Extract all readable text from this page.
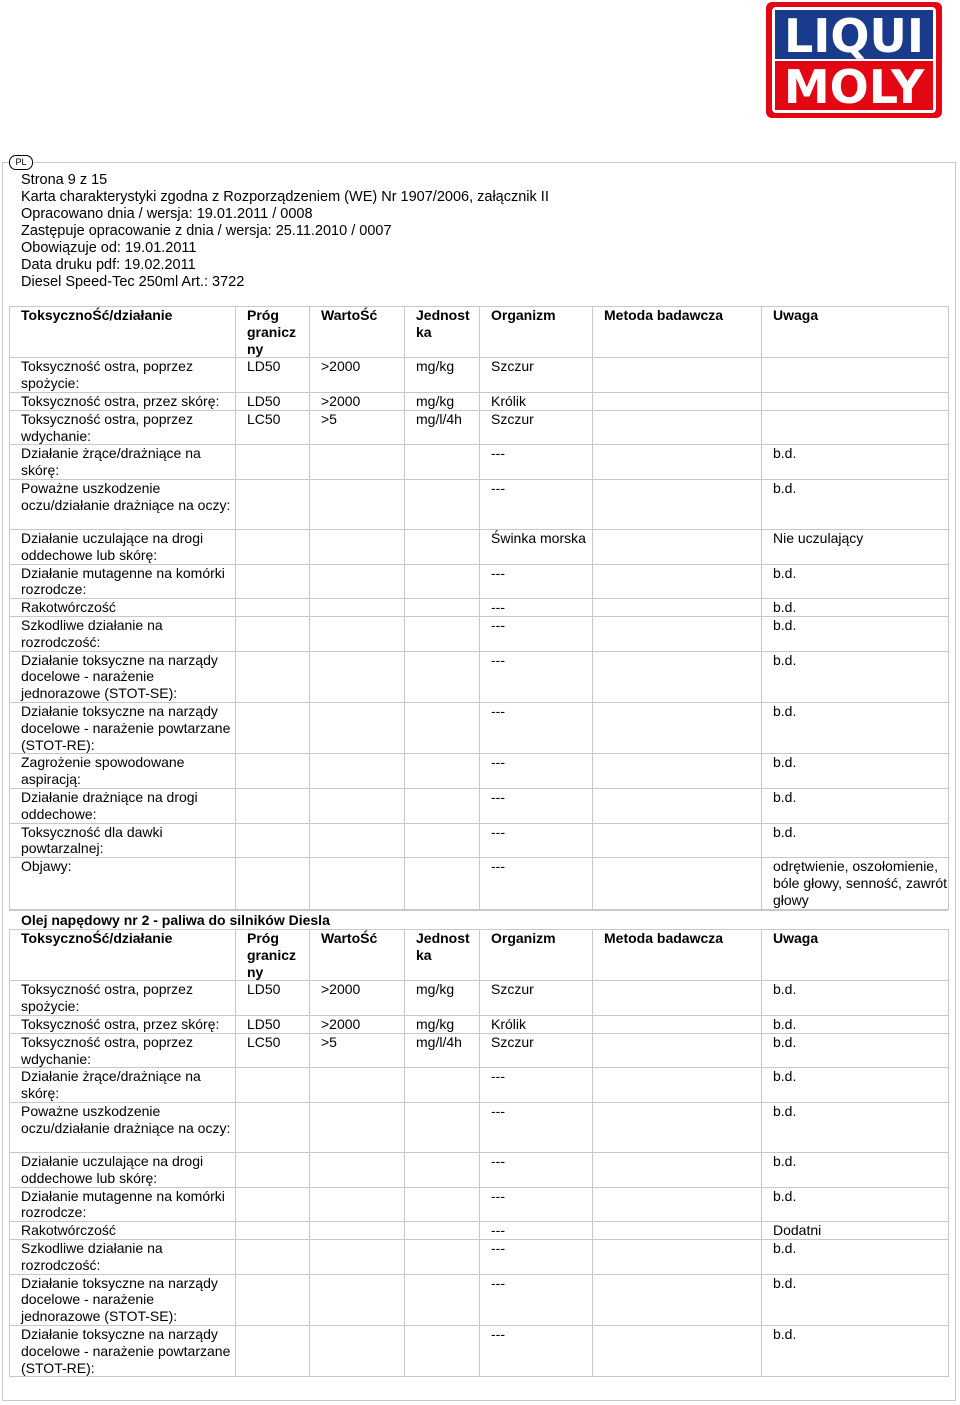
LIQUI
MOLY
PL
Strona 9 z 15
Karta charakterystyki zgodna z Rozporządzeniem (WE) Nr 1907/2006, załącznik II
Opracowano dnia / wersja: 19.01.2011 / 0008
Zastępuje opracowanie z dnia / wersja: 25.11.2010 / 0007
Obowiązuje od: 19.01.2011
Data druku pdf: 19.02.2011
Diesel Speed-Tec 250ml Art.: 3722
ToksycznoŚć/działanie	Próg granicz ny	WartoŚć	Jednost ka	Organizm	Metoda badawcza	Uwaga
Toksyczność ostra, poprzez spożycie:	LD50	>2000	mg/kg	Szczur		
Toksyczność ostra, przez skórę:	LD50	>2000	mg/kg	Królik		
Toksyczność ostra, poprzez wdychanie:	LC50	>5	mg/l/4h	Szczur		
Działanie żrące/drażniące na skórę:				---		b.d.
Poważne uszkodzenie oczu/działanie drażniące na oczy:				---		b.d.
Działanie uczulające na drogi oddechowe lub skórę:				Świnka morska		Nie uczulający
Działanie mutagenne na komórki rozrodcze:				---		b.d.
Rakotwórczość				---		b.d.
Szkodliwe działanie na rozrodczość:				---		b.d.
Działanie toksyczne na narządy docelowe - narażenie jednorazowe (STOT-SE):				---		b.d.
Działanie toksyczne na narządy docelowe - narażenie powtarzane (STOT-RE):				---		b.d.
Zagrożenie spowodowane aspiracją:				---		b.d.
Działanie drażniące na drogi oddechowe:				---		b.d.
Toksyczność dla dawki powtarzalnej:				---		b.d.
Objawy:				---		odrętwienie, oszołomienie, bóle głowy, senność, zawrót głowy
Olej napędowy nr 2 - paliwa do silników Diesla
ToksycznoŚć/działanie	Próg granicz ny	WartoŚć	Jednost ka	Organizm	Metoda badawcza	Uwaga
Toksyczność ostra, poprzez spożycie:	LD50	>2000	mg/kg	Szczur		b.d.
Toksyczność ostra, przez skórę:	LD50	>2000	mg/kg	Królik		b.d.
Toksyczność ostra, poprzez wdychanie:	LC50	>5	mg/l/4h	Szczur		b.d.
Działanie żrące/drażniące na skórę:				---		b.d.
Poważne uszkodzenie oczu/działanie drażniące na oczy:				---		b.d.
Działanie uczulające na drogi oddechowe lub skórę:				---		b.d.
Działanie mutagenne na komórki rozrodcze:				---		b.d.
Rakotwórczość				---		Dodatni
Szkodliwe działanie na rozrodczość:				---		b.d.
Działanie toksyczne na narządy docelowe - narażenie jednorazowe (STOT-SE):				---		b.d.
Działanie toksyczne na narządy docelowe - narażenie powtarzane (STOT-RE):				---		b.d.
